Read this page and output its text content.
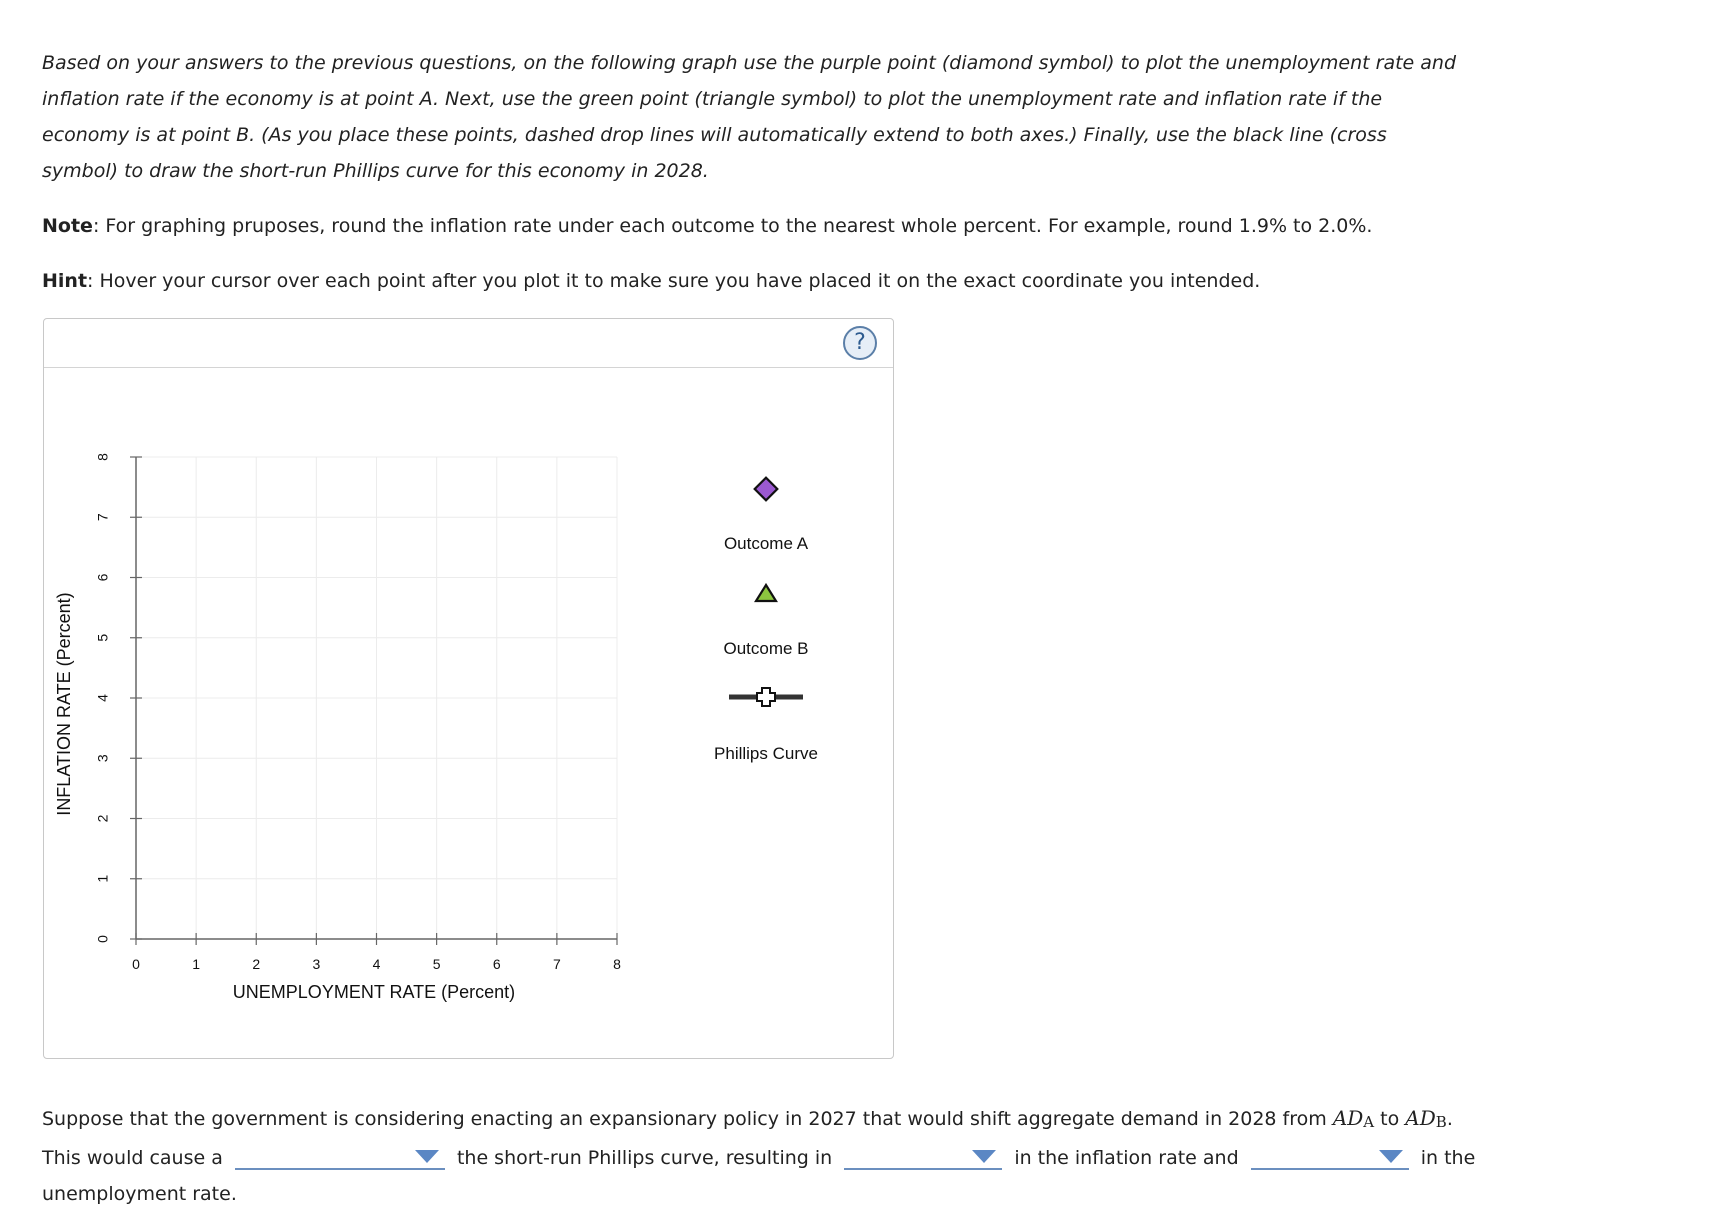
Based on your answers to the previous questions, on the following graph use the purple point (diamond symbol) to plot the unemployment rate and inflation rate if the economy is at point A. Next, use the green point (triangle symbol) to plot the unemployment rate and inflation rate if the economy is at point B. (As you place these points, dashed drop lines will automatically extend to both axes.) Finally, use the black line (cross symbol) to draw the short-run Phillips curve for this economy in 2028.
Note: For graphing pruposes, round the inflation rate under each outcome to the nearest whole percent. For example, round 1.9% to 2.0%.
Hint: Hover your cursor over each point after you plot it to make sure you have placed it on the exact coordinate you intended.
?
0	1	2	3	4	5	6	7	8
0
1
2
3
4
5
6
7
8
UNEMPLOYMENT RATE (Percent)
INFLATION RATE (Percent)
Outcome A
Outcome B
Phillips Curve
Suppose that the government is considering enacting an expansionary policy in 2027 that would shift aggregate demand in 2028 from $AD_A$ to $AD_B$.
This would cause a	the short-run Phillips curve, resulting in	in the inflation rate and	in the
unemployment rate.
